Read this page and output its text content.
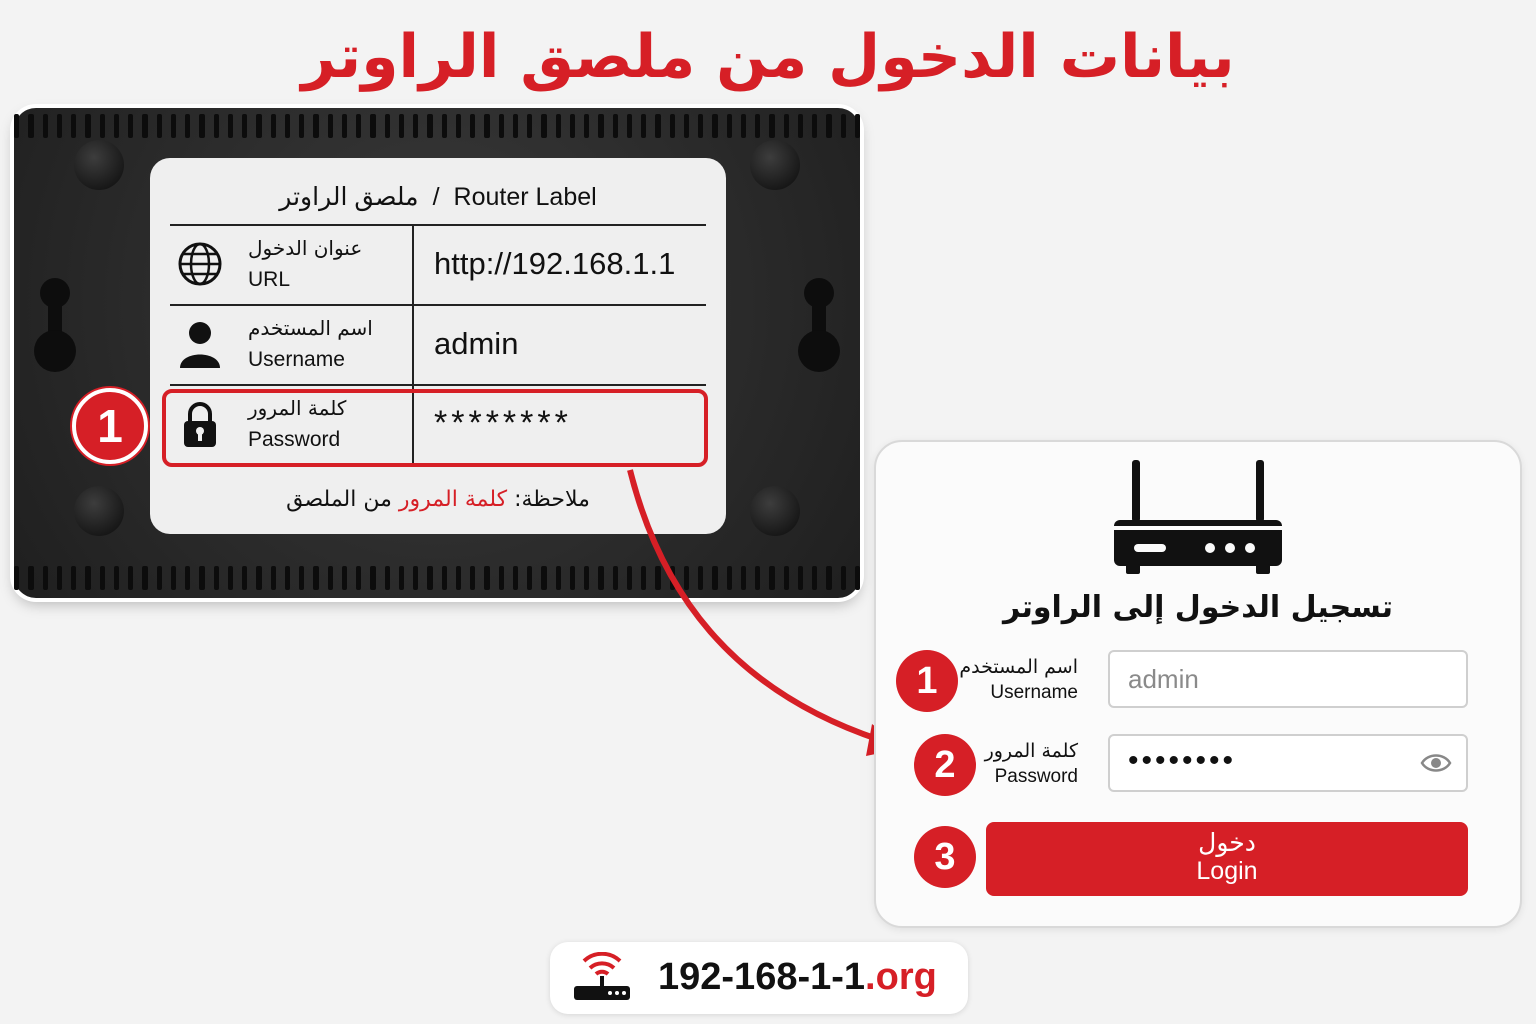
بيانات الدخول من ملصق الراوتر
ملصق الراوتر / Router Label
عنوان الدخول
URL	http://192.168.1.1
اسم المستخدم
Username	admin
كلمة المرور
Password	********
ملاحظة: كلمة المرور من الملصق
1
تسجيل الدخول إلى الراوتر
1	اسم المستخدم
Username	admin
2	كلمة المرور
Password	••••••••
3	دخول
Login
192-168-1-1.org
